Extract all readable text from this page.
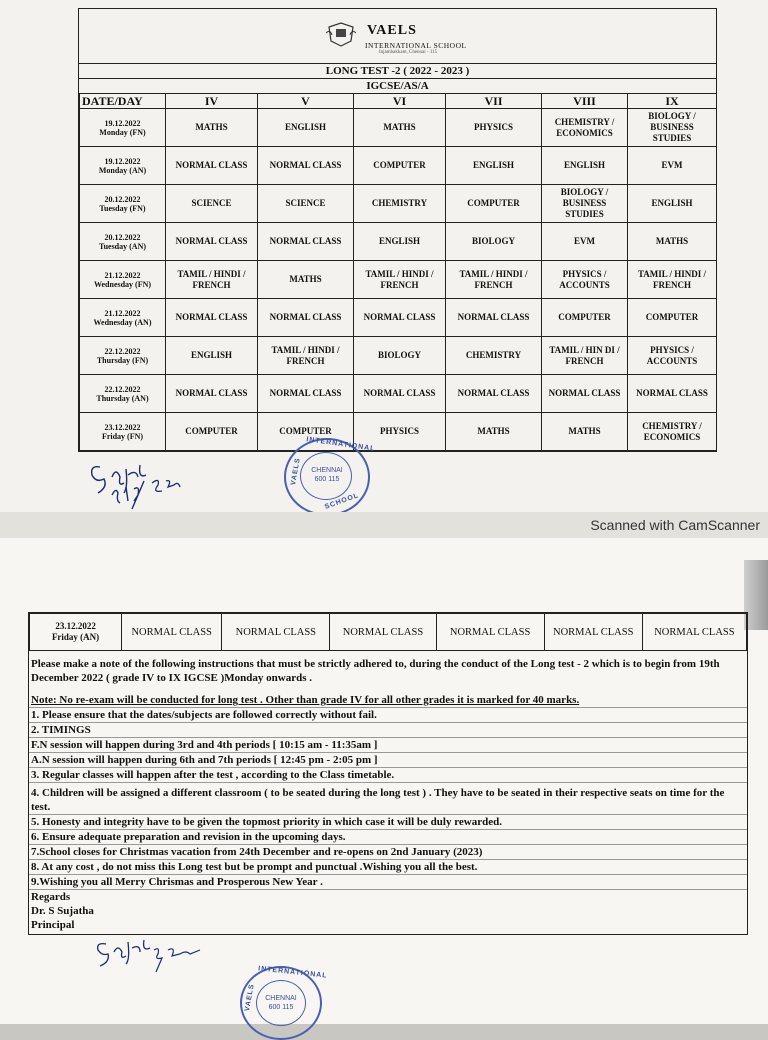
VAELS
INTERNATIONAL SCHOOL
Injambakkam, Chennai - 115
LONG TEST -2 ( 2022 - 2023 )
IGCSE/AS/A
DATE/DAY	IV	V	VI	VII	VIII	IX
19.12.2022
Monday (FN)	MATHS	ENGLISH	MATHS	PHYSICS	CHEMISTRY / ECONOMICS	BIOLOGY / BUSINESS STUDIES
19.12.2022
Monday (AN)	NORMAL CLASS	NORMAL CLASS	COMPUTER	ENGLISH	ENGLISH	EVM
20.12.2022
Tuesday (FN)	SCIENCE	SCIENCE	CHEMISTRY	COMPUTER	BIOLOGY / BUSINESS STUDIES	ENGLISH
20.12.2022
Tuesday (AN)	NORMAL CLASS	NORMAL CLASS	ENGLISH	BIOLOGY	EVM	MATHS
21.12.2022
Wednesday (FN)	TAMIL / HINDI / FRENCH	MATHS	TAMIL / HINDI / FRENCH	TAMIL / HINDI / FRENCH	PHYSICS / ACCOUNTS	TAMIL / HINDI / FRENCH
21.12.2022
Wednesday (AN)	NORMAL CLASS	NORMAL CLASS	NORMAL CLASS	NORMAL CLASS	COMPUTER	COMPUTER
22.12.2022
Thursday (FN)	ENGLISH	TAMIL / HINDI / FRENCH	BIOLOGY	CHEMISTRY	TAMIL / HIN DI / FRENCH	PHYSICS / ACCOUNTS
22.12.2022
Thursday (AN)	NORMAL CLASS	NORMAL CLASS	NORMAL CLASS	NORMAL CLASS	NORMAL CLASS	NORMAL CLASS
23.12.2022
Friday (FN)	COMPUTER	COMPUTER	PHYSICS	MATHS	MATHS	CHEMISTRY / ECONOMICS
INTERNATIONAL
VAELS
SCHOOL
CHENNAI
600 115
Scanned with CamScanner
23.12.2022
Friday (AN)	NORMAL CLASS	NORMAL CLASS	NORMAL CLASS	NORMAL CLASS	NORMAL CLASS	NORMAL CLASS

Please make a note of the following instructions that must be strictly adhered to, during the conduct of the Long test - 2 which is to begin from 19th December 2022 ( grade IV to IX IGCSE )Monday onwards .

Note: No re-exam will be conducted for long test . Other than grade IV for all other grades it is marked for 40 marks.
1. Please ensure that the dates/subjects are followed correctly without fail.
2. TIMINGS
F.N session will happen during 3rd and 4th periods [ 10:15 am - 11:35am ]
A.N session will happen during 6th and 7th periods [ 12:45 pm - 2:05 pm ]
3. Regular classes will happen after the test , according to the Class timetable.
4. Children will be assigned a different classroom ( to be seated during the long test ) . They have to be seated in their respective seats on time for the test.
5. Honesty and integrity have to be given the topmost priority in which case it will be duly rewarded.
6. Ensure adequate preparation and revision in the upcoming days.
7.School closes for Christmas vacation from 24th December and re-opens on 2nd January (2023)
8. At any cost , do not miss this Long test but be prompt and punctual .Wishing you all the best.
9.Wishing you all Merry Chrismas and Prosperous New Year .
Regards
Dr. S Sujatha
Principal
INTERNATIONAL
VAELS	CHENNAI
600 115
